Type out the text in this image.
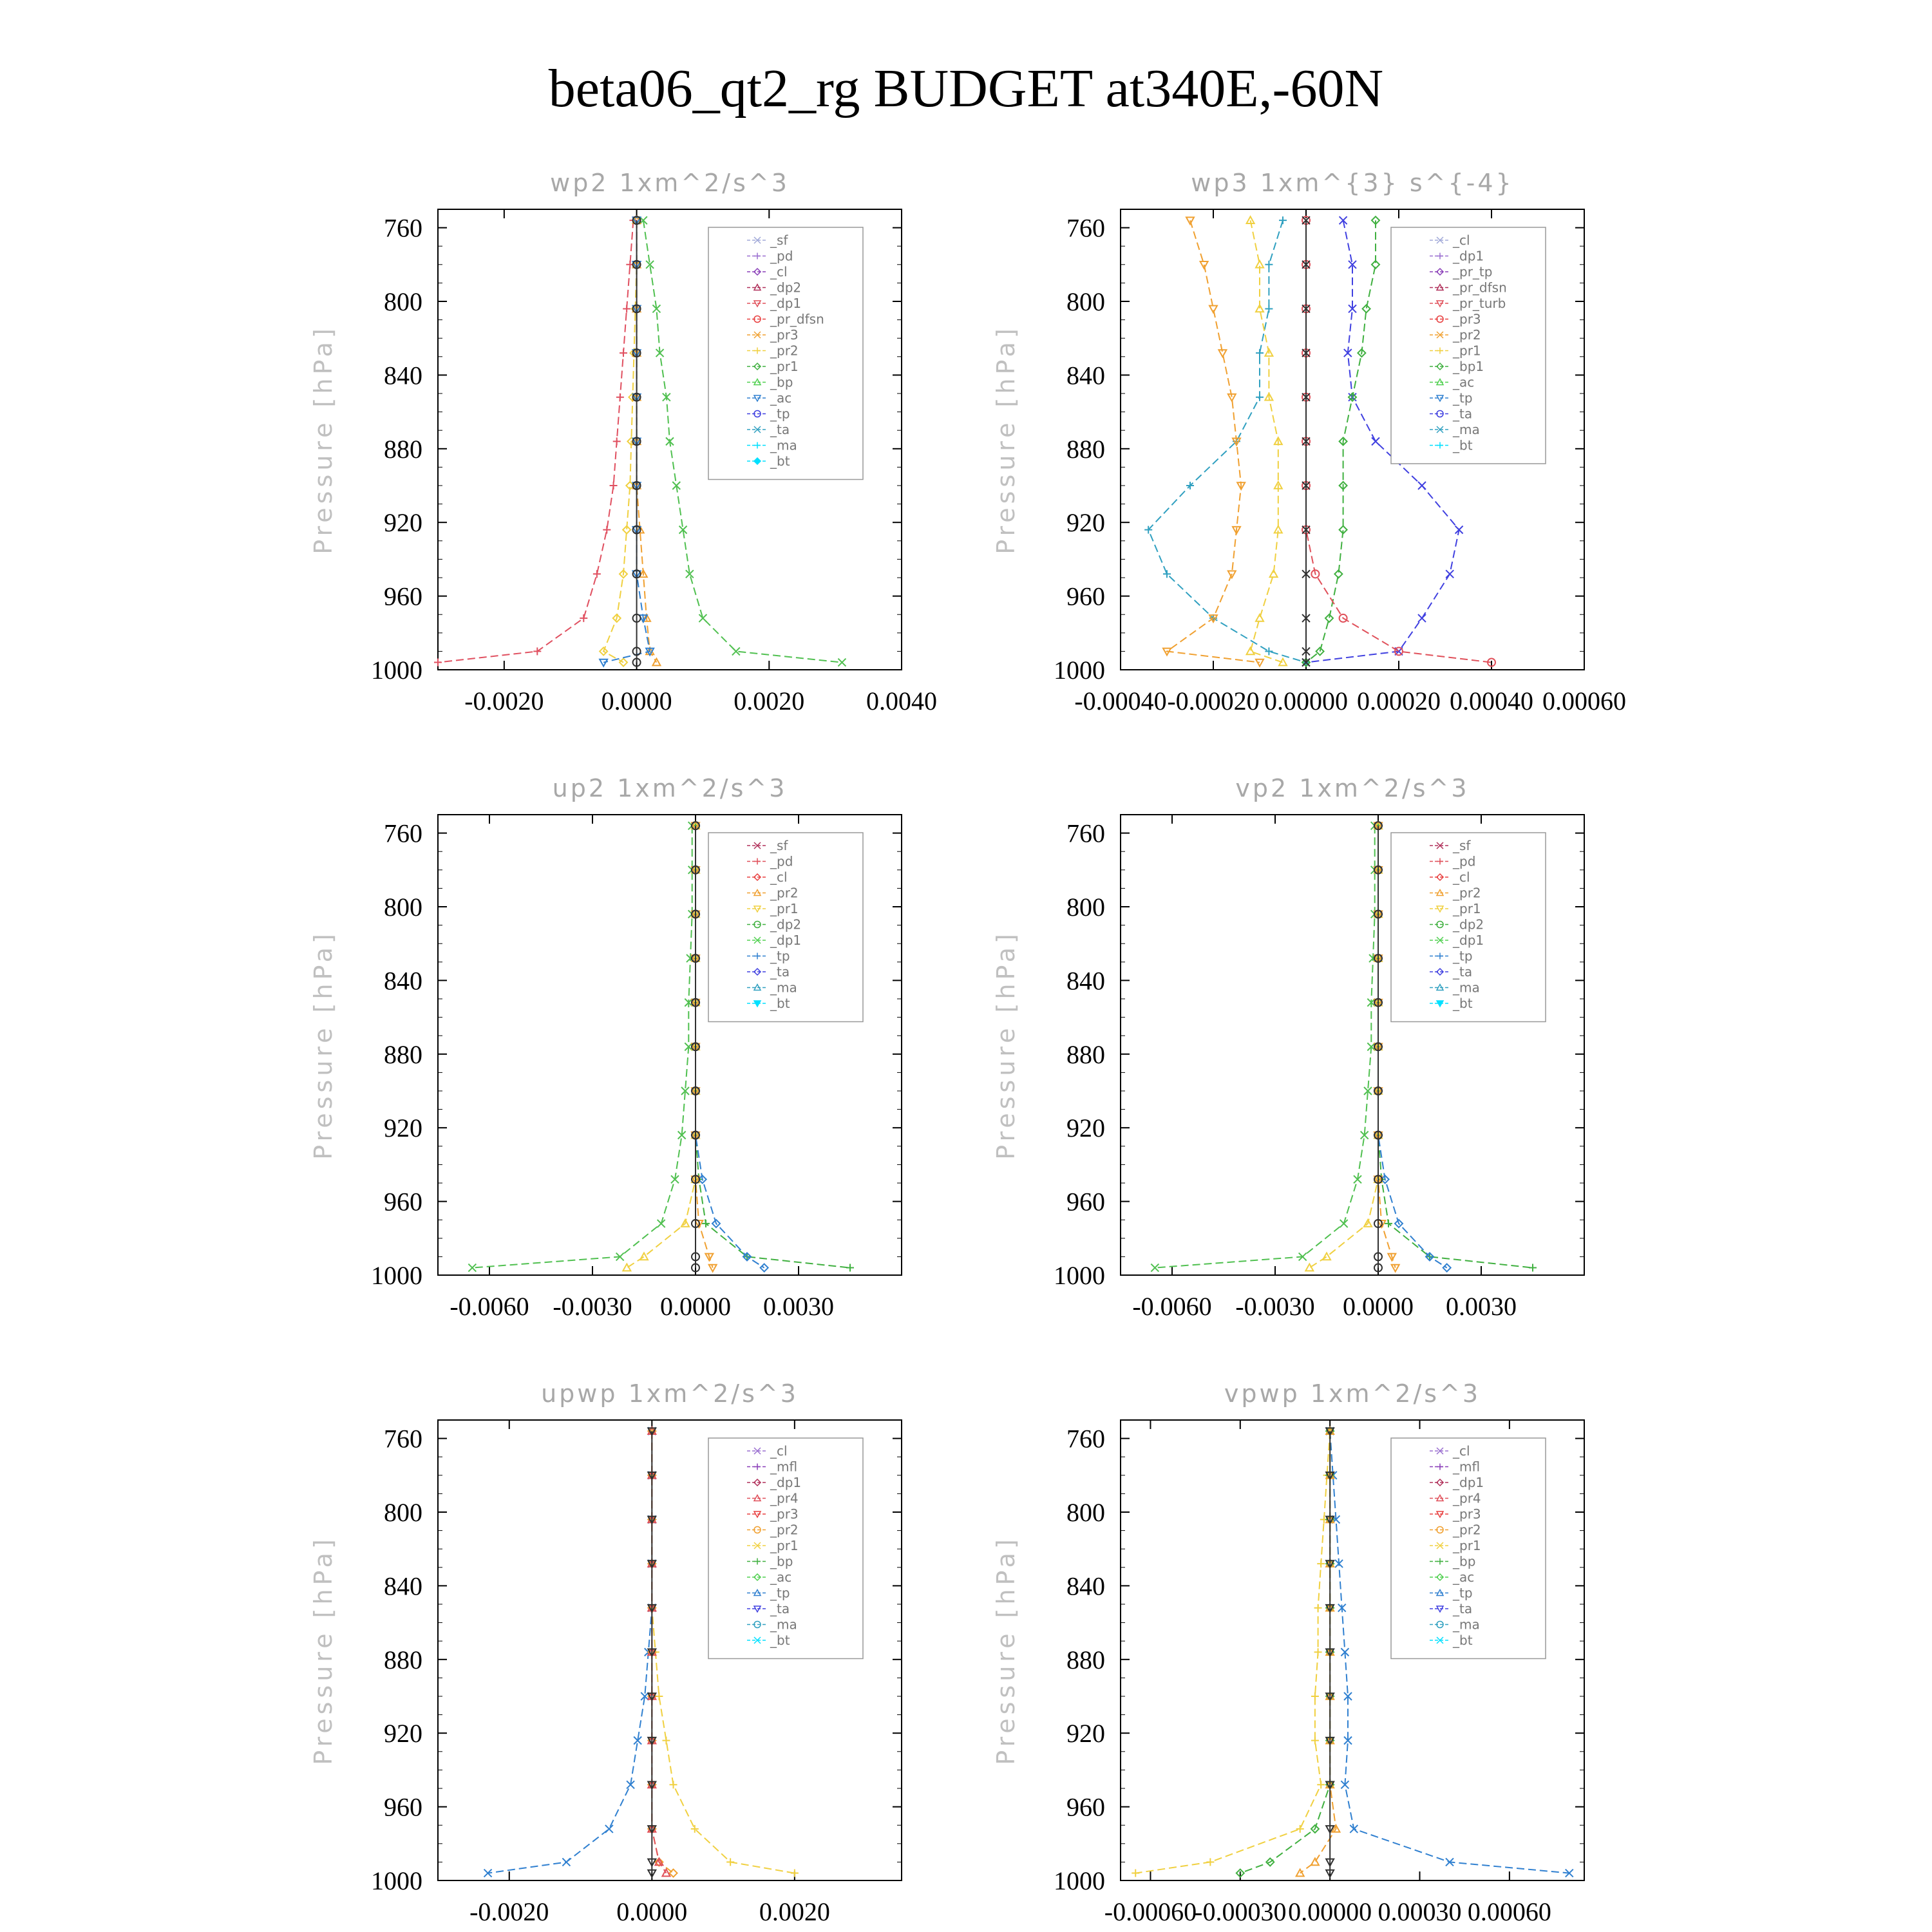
beta06_qt2_rg BUDGET at340E,-60N
wp2 1xm^2/s^3
Pressure [hPa]
760
800
840
880
920
960
1000
-0.0020 0.0000 0.0020 0.0040
_sf
_pd
_cl
_dp2
_dp1
_pr_dfsn
_pr3
_pr2
_pr1
_bp
_ac
_tp
_ta
_ma
_bt
wp3 1xm^{3} s^{-4}
Pressure [hPa]
760
800
840
880
920
960
1000
-0.00040 -0.00020 0.00000 0.00020 0.00040 0.00060
_cl
_dp1
_pr_tp
_pr_dfsn
_pr_turb
_pr3
_pr2
_pr1
_bp1
_ac
_tp
_ta
_ma
_bt
up2 1xm^2/s^3
Pressure [hPa]
760
800
840
880
920
960
1000
-0.0060 -0.0030 0.0000 0.0030
_sf
_pd
_cl
_pr2
_pr1
_dp2
_dp1
_tp
_ta
_ma
_bt
vp2 1xm^2/s^3
Pressure [hPa]
760
800
840
880
920
960
1000
-0.0060 -0.0030 0.0000 0.0030
_sf
_pd
_cl
_pr2
_pr1
_dp2
_dp1
_tp
_ta
_ma
_bt
upwp 1xm^2/s^3
Pressure [hPa]
760
800
840
880
920
960
1000
-0.0020	0.0000	0.0020
_cl
_mfl
_dp1
_pr4
_pr3
_pr2
_pr1
_bp
_ac
_tp
_ta
_ma
_bt
vpwp 1xm^2/s^3
Pressure [hPa]
760
800
840
880
920
960
1000
-0.00060
-0.00030 0.00000 0.00030 0.00060
_cl
_mfl
_dp1
_pr4
_pr3
_pr2
_pr1
_bp
_ac
_tp
_ta
_ma
_bt
